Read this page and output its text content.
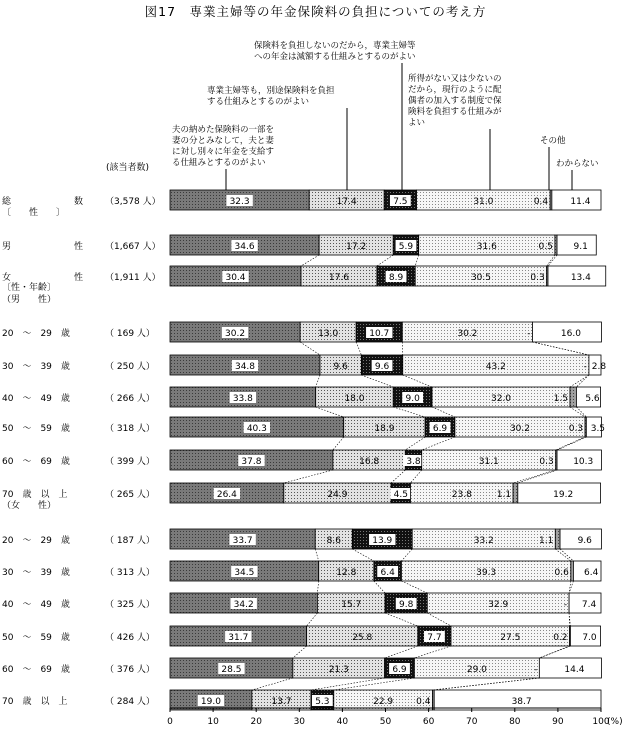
図17　専業主婦等の年金保険料の負担についての考え方
夫の納めた保険料の一部を
妻の分とみなして，夫と妻
に対し別々に年金を支給す
る仕組みとするのがよい
専業主婦等も，別途保険料を負担
する仕組みとするのがよい
保険料を負担しないのだから，専業主婦等
への年金は減額する仕組みとするのがよい
所得がない又は少ないの
だから，現行のように配
偶者の加入する制度で保
険料を負担する仕組みが
よい
その他
わからない
(該当者数)
〔　　性　　〕
〔性・年齢〕
（男　　性）
（女　　性）
総　　　　　　　数 （3,578 人）	32.3	17.4	7.5	31.0	0.4 11.4
男　　　　　　　性 （1,667 人）	34.6	17.2	5.9	31.6	0.5 9.1
女　　　　　　　性 （1,911 人）	30.4	17.6	8.9	30.5	0.3	13.4
20　～　29　歳	（ 169 人）	30.2	13.0	10.7	30.2	-	16.0
30　～　39　歳	（ 250 人）	34.8	9.6	9.6	43.2	- 2.8
40　～　49　歳	（ 266 人）	33.8	18.0	9.0	32.0	1.5 5.6
50　～　59　歳	（ 318 人）	40.3	18.9	6.9	30.2	0.3 3.5
60　～　69　歳	（ 399 人）	37.8	16.8	3.8	31.1	0.3 10.3
70　歳　以　上	（ 265 人）	26.4	24.9	4.5	23.8	1.1	19.2
20　～　29　歳	（ 187 人）	33.7	8.6	13.9	33.2	1.1	9.6
30　～　39　歳	（ 313 人）	34.5	12.8	6.4	39.3	0.6 6.4
40　～　49　歳	（ 325 人）	34.2	15.7	9.8	32.9	- 7.4
50　～　59　歳	（ 426 人）	31.7	25.8	7.7	27.5	0.2 7.0
60　～　69　歳	（ 376 人）	28.5	21.3	6.9	29.0	-	14.4
70　歳　以　上	（ 284 人）	19.0	13.7	5.3	22.9	0.4	38.7
0	10	20	30	40	50	60	70	80	90	100
(%)
